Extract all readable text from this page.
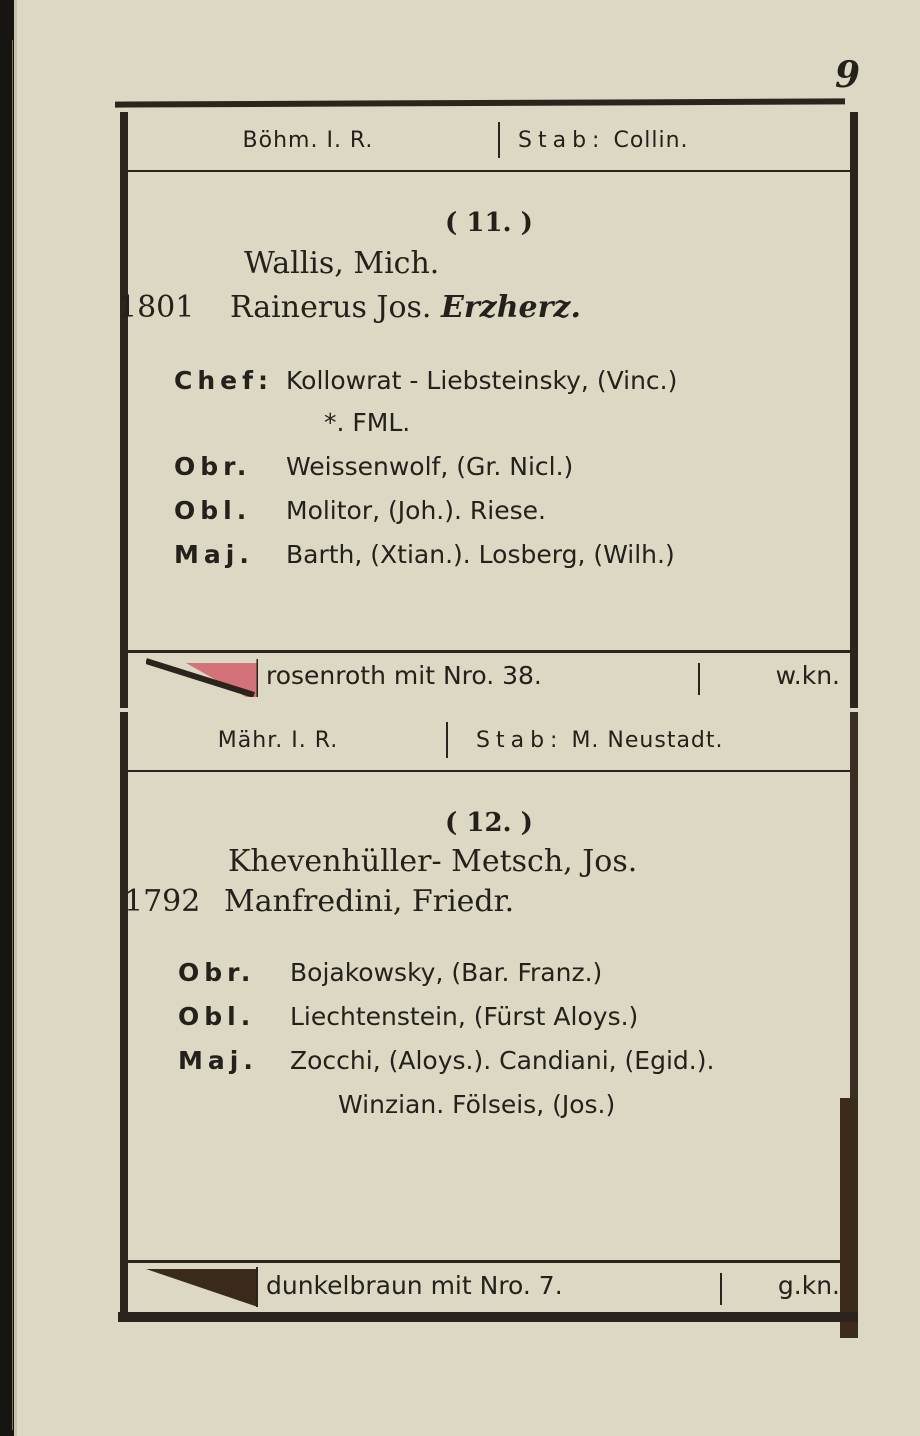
9
Böhm. I. R.	Stab: Collin.
( 11. )
Wallis, Mich.
1801 Rainerus Jos. Erzherz.
Chef: Kollowrat - Liebsteinsky, (Vinc.)
*. FML.
Obr. Weissenwolf, (Gr. Nicl.)
Obl. Molitor, (Joh.). Riese.
Maj. Barth, (Xtian.). Losberg, (Wilh.)
rosenroth mit Nro. 38.	w.kn.
Mähr. I. R.	Stab: M. Neustadt.
( 12. )
Khevenhüller- Metsch, Jos.
1792 Manfredini, Friedr.
Obr. Bojakowsky, (Bar. Franz.)
Obl. Liechtenstein, (Fürst Aloys.)
Maj. Zocchi, (Aloys.). Candiani, (Egid.).
Winzian. Fölseis, (Jos.)
dunkelbraun mit Nro. 7.	g.kn.
